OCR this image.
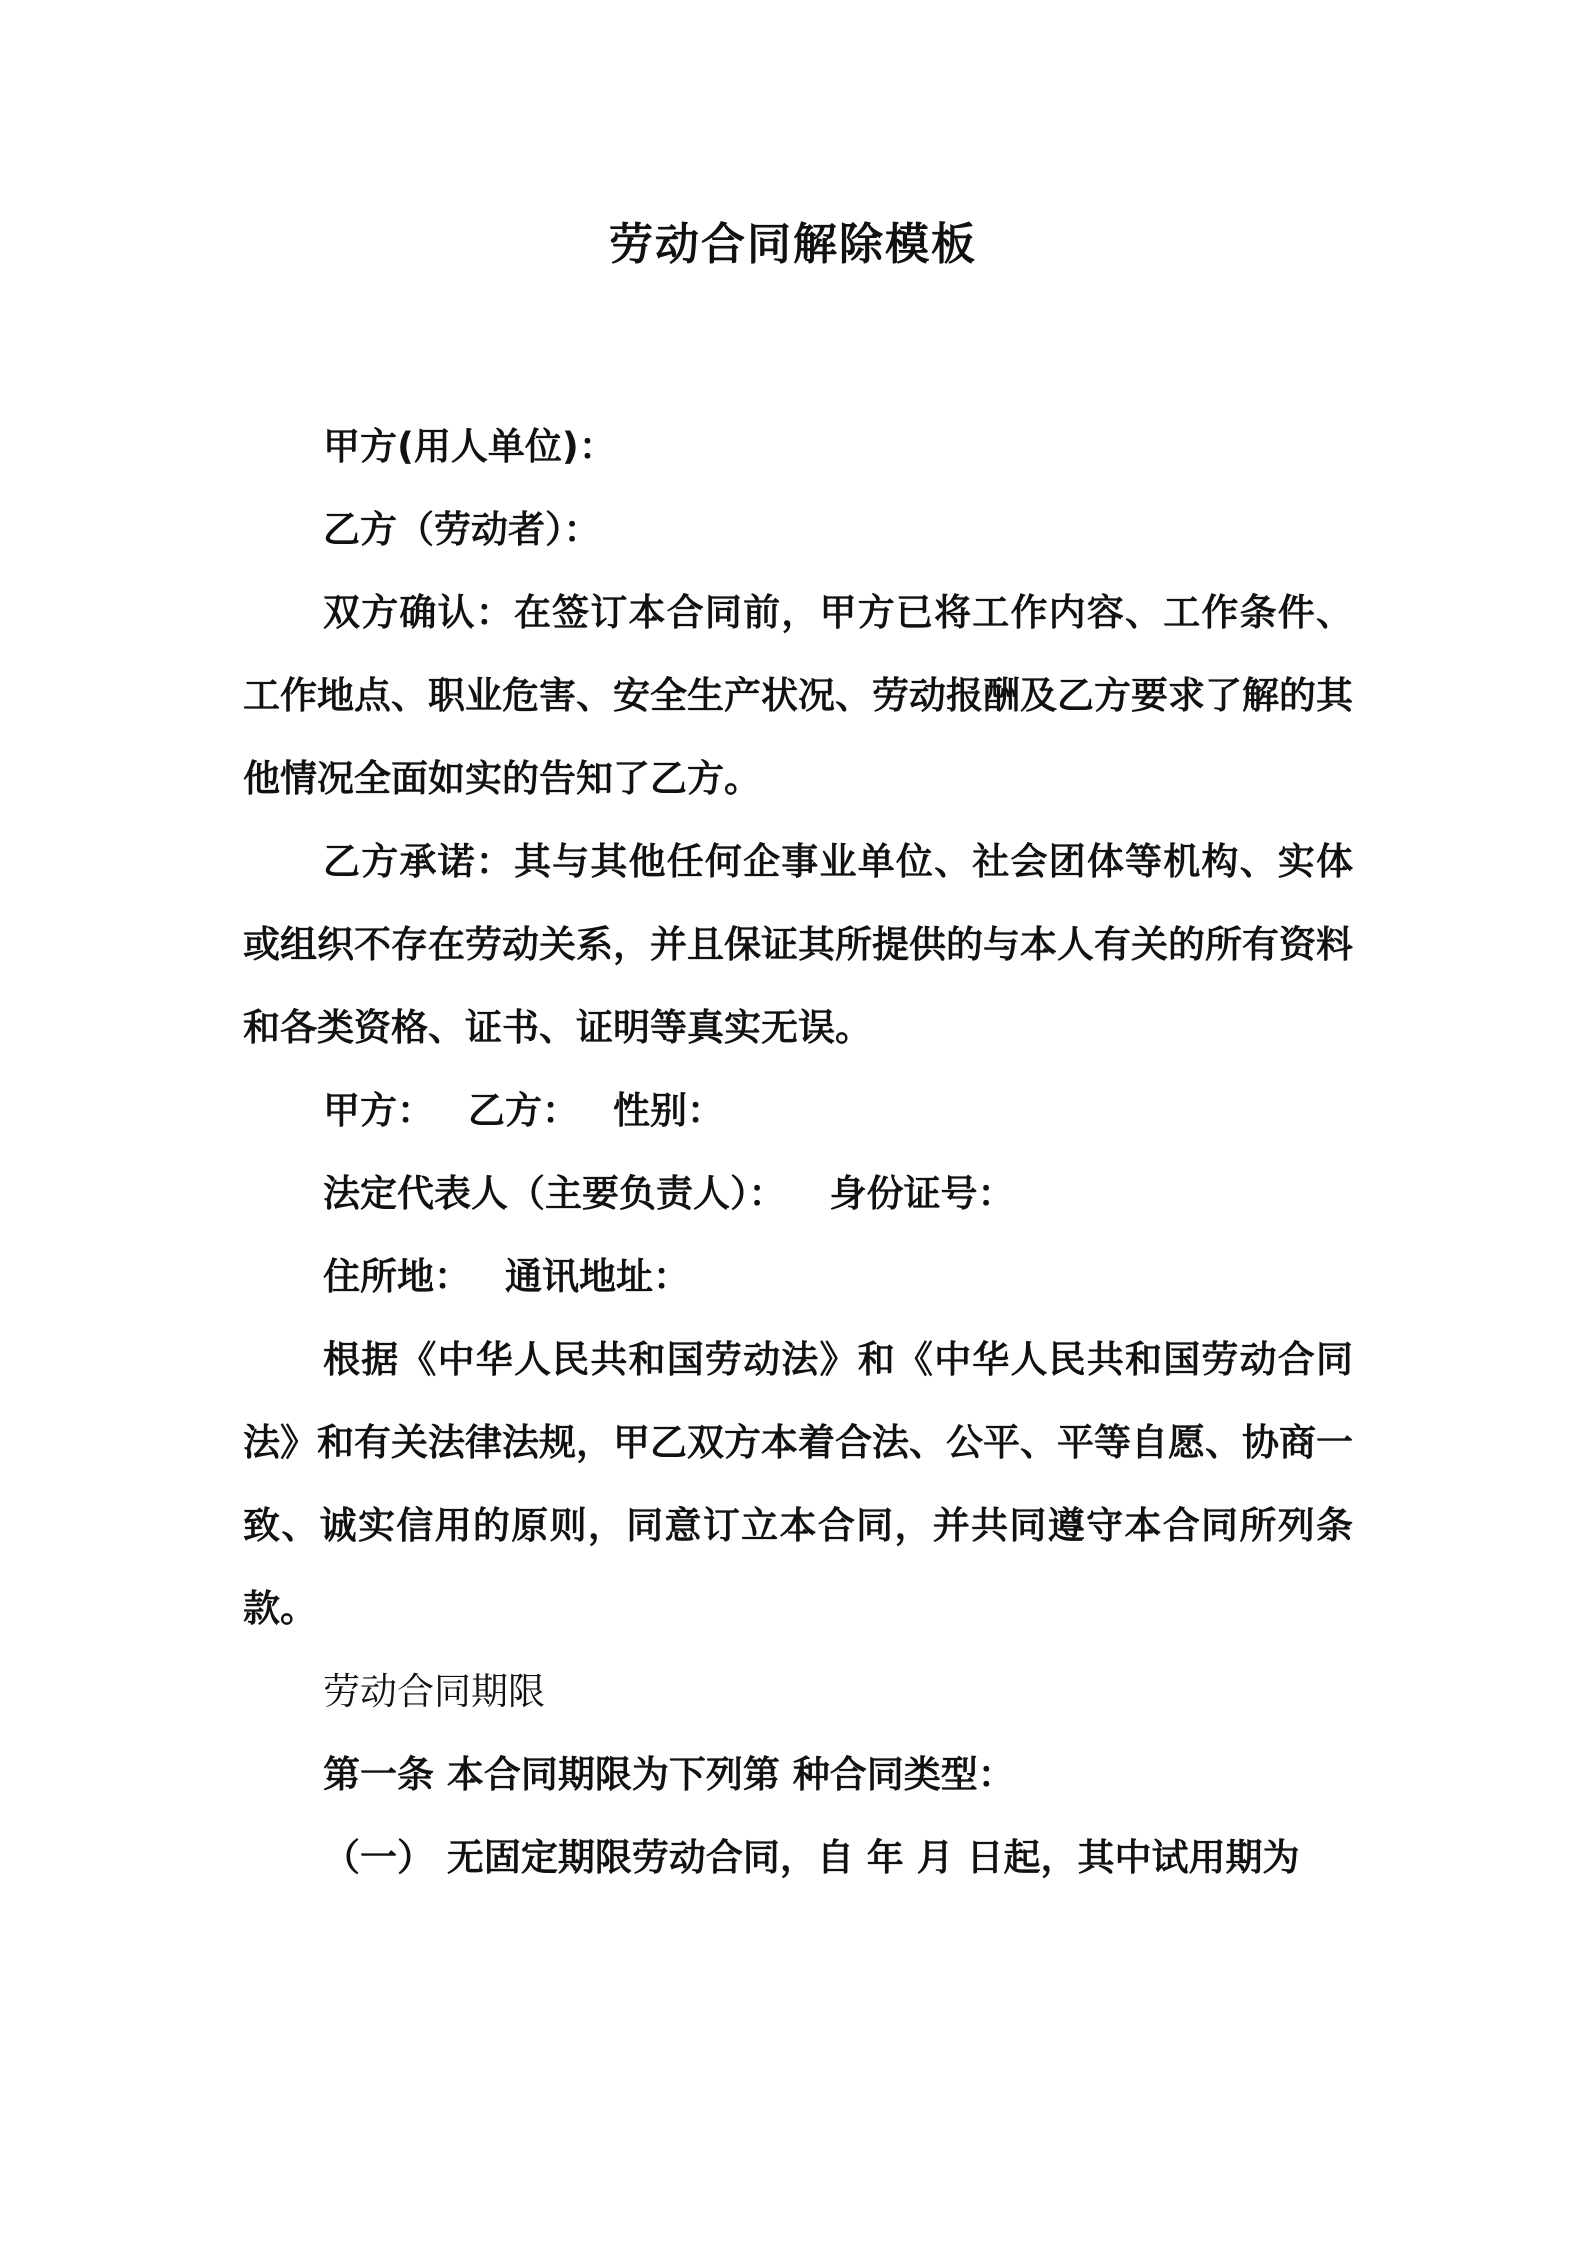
劳动合同解除模板

甲方(用人单位)：

乙方（劳动者）：

双方确认：在签订本合同前，甲方已将工作内容、工作条件、工作地点、职业危害、安全生产状况、劳动报酬及乙方要求了解的其他情况全面如实的告知了乙方。

乙方承诺：其与其他任何企事业单位、社会团体等机构、实体或组织不存在劳动关系，并且保证其所提供的与本人有关的所有资料和各类资格、证书、证明等真实无误。

甲方： 乙方： 性别：

法定代表人（主要负责人）： 身份证号：

住所地： 通讯地址：

根据《中华人民共和国劳动法》和《中华人民共和国劳动合同法》和有关法律法规，甲乙双方本着合法、公平、平等自愿、协商一致、诚实信用的原则，同意订立本合同，并共同遵守本合同所列条款。

劳动合同期限

第一条 本合同期限为下列第 种合同类型：

（一） 无固定期限劳动合同，自 年 月 日起，其中试用期为
